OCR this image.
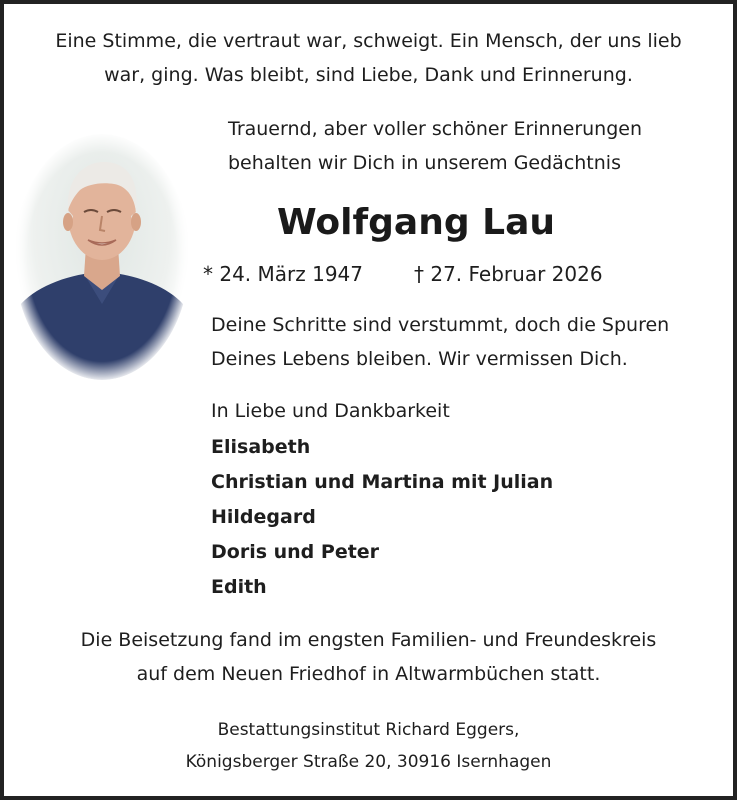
Eine Stimme, die vertraut war, schweigt. Ein Mensch, der uns lieb
war, ging. Was bleibt, sind Liebe, Dank und Erinnerung.
Trauernd, aber voller schöner Erinnerungen
behalten wir Dich in unserem Gedächtnis
Wolfgang Lau
* 24. März 1947	† 27. Februar 2026
Deine Schritte sind verstummt, doch die Spuren
Deines Lebens bleiben. Wir vermissen Dich.
In Liebe und Dankbarkeit
Elisabeth
Christian und Martina mit Julian
Hildegard
Doris und Peter
Edith
Die Beisetzung fand im engsten Familien- und Freundeskreis
auf dem Neuen Friedhof in Altwarmbüchen statt.
Bestattungsinstitut Richard Eggers,
Königsberger Straße 20, 30916 Isernhagen
